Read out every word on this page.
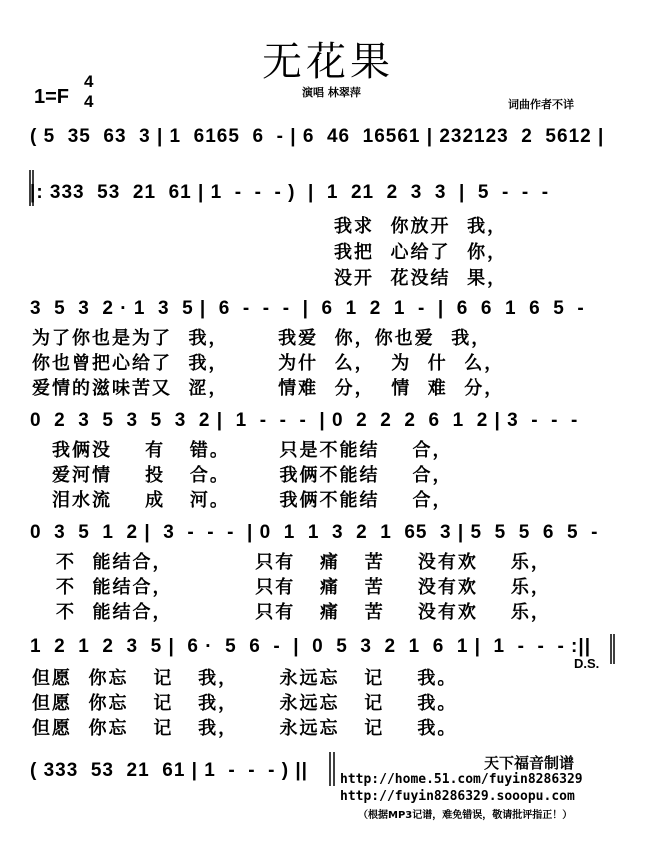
无花果
1=F
4
4	演唱 林翠萍
词曲作者不详
( 5  35  63  3 | 1  6165  6  - | 6  46  16561 | 232123  2  5612 |
|: 333  53  21  61 | 1  -  -  - )  |  1  21  2  3  3  |  5  -  -  -
我求  你放开  我，
我把  心给了  你，
没开  花没结  果，
3  5  3  2 · 1  3  5 |  6  -  -  -  |  6  1  2  1  -  |  6  6  1  6  5  -
为了你也是为了  我，      我爱  你，你也爱  我，
你也曾把心给了  我，      为什  么，  为  什  么，
爱情的滋味苦又  涩，      情难  分，  情  难  分，
0  2  3  5  3  5  3  2 |  1  -  -  -  | 0  2  2  2  6  1  2 | 3  -  -  -
我俩没    有   错。      只是不能结    合，
爱河情    投   合。      我俩不能结    合，
泪水流    成   河。      我俩不能结    合，
0  3  5  1  2 |  3  -  -  -  | 0  1  1  3  2  1  65  3 | 5  5  5  6  5  -
不  能结合，          只有   痛   苦    没有欢    乐，
不  能结合，          只有   痛   苦    没有欢    乐，
不  能结合，          只有   痛   苦    没有欢    乐，
1  2  1  2  3  5 |  6 ·  5  6  -  |  0  5  3  2  1  6  1 |  1  -  -  - :||
D.S.
但愿  你忘   记   我，     永远忘   记    我。
但愿  你忘   记   我，     永远忘   记    我。
但愿  你忘   记   我，     永远忘   记    我。
( 333  53  21  61 | 1  -  -  - ) ||	天下福音制谱
http://home.51.com/fuyin8286329
http://fuyin8286329.sooopu.com
（根据MP3记谱，难免错误，敬请批评指正！）
